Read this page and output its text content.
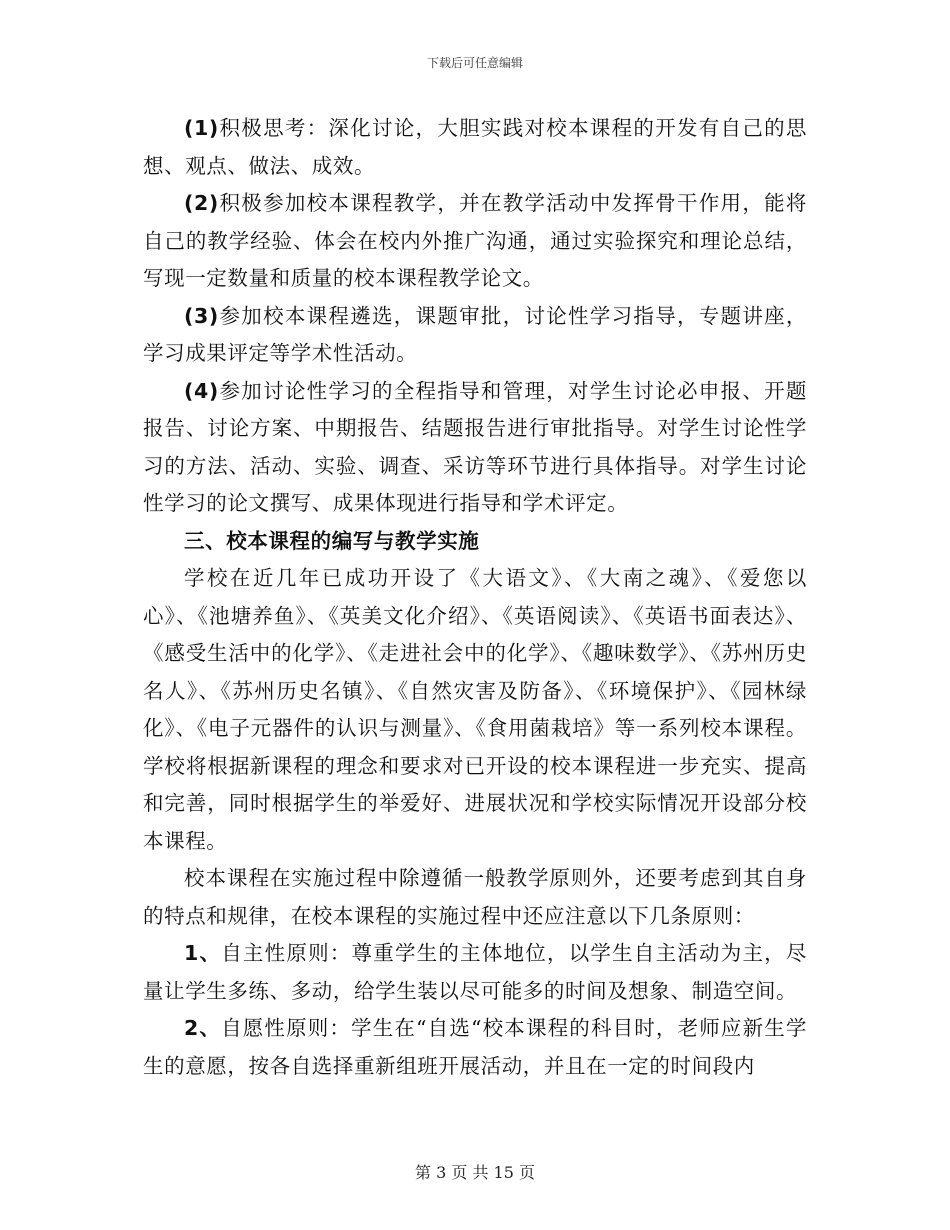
下载后可任意编辑

(1)积极思考：深化讨论，大胆实践对校本课程的开发有自己的思想、观点、做法、成效。

(2)积极参加校本课程教学，并在教学活动中发挥骨干作用，能将自己的教学经验、体会在校内外推广沟通，通过实验探究和理论总结，写现一定数量和质量的校本课程教学论文。

(3)参加校本课程遴选，课题审批，讨论性学习指导，专题讲座，学习成果评定等学术性活动。

(4)参加讨论性学习的全程指导和管理，对学生讨论必申报、开题报告、讨论方案、中期报告、结题报告进行审批指导。对学生讨论性学习的方法、活动、实验、调查、采访等环节进行具体指导。对学生讨论性学习的论文撰写、成果体现进行指导和学术评定。

三、校本课程的编写与教学实施

学校在近几年已成功开设了《大语文》、《大南之魂》、《爱您以心》、《池塘养鱼》、《英美文化介绍》、《英语阅读》、《英语书面表达》、《感受生活中的化学》、《走进社会中的化学》、《趣味数学》、《苏州历史名人》、《苏州历史名镇》、《自然灾害及防备》、《环境保护》、《园林绿化》、《电子元器件的认识与测量》、《食用菌栽培》等一系列校本课程。学校将根据新课程的理念和要求对已开设的校本课程进一步充实、提高和完善，同时根据学生的举爱好、进展状况和学校实际情况开设部分校本课程。

校本课程在实施过程中除遵循一般教学原则外，还要考虑到其自身的特点和规律，在校本课程的实施过程中还应注意以下几条原则：

1、自主性原则：尊重学生的主体地位，以学生自主活动为主，尽量让学生多练、多动，给学生装以尽可能多的时间及想象、制造空间。

2、自愿性原则：学生在“自选“校本课程的科目时，老师应新生学生的意愿，按各自选择重新组班开展活动，并且在一定的时间段内

第 3 页 共 15 页
